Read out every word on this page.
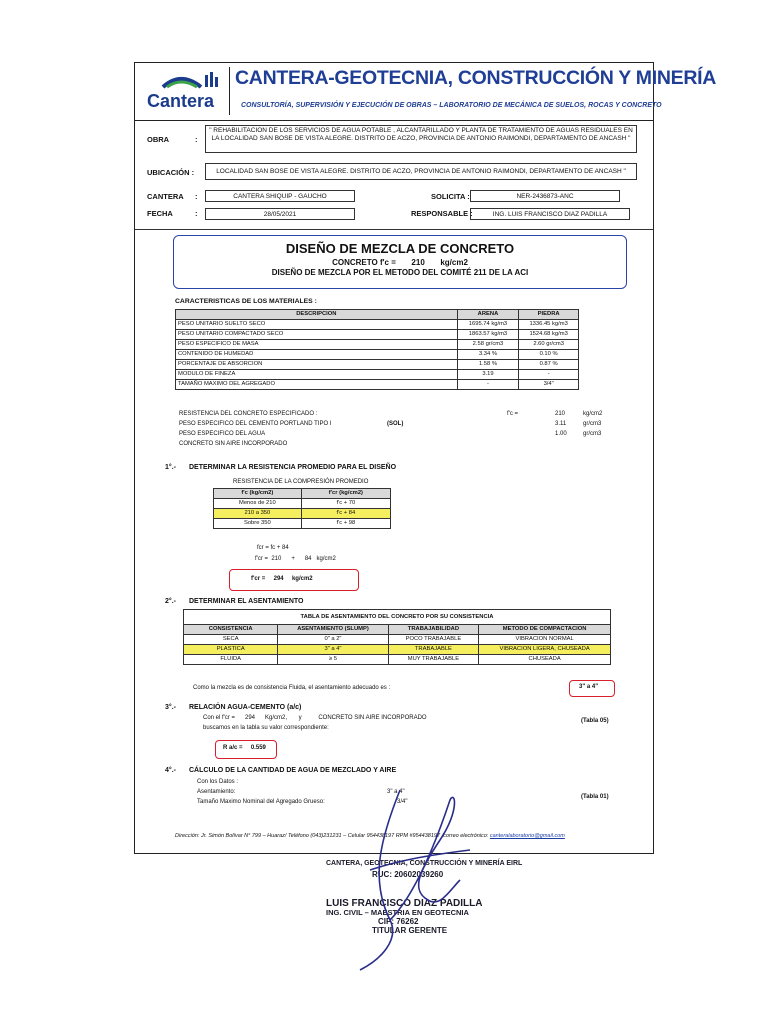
Cantera
CANTERA-GEOTECNIA, CONSTRUCCIÓN Y MINERÍA
CONSULTORÍA, SUPERVISIÓN Y EJECUCIÓN DE OBRAS – LABORATORIO DE MECÁNICA DE SUELOS, ROCAS Y CONCRETO
OBRA	:
" REHABILITACION DE LOS SERVICIOS DE AGUA POTABLE , ALCANTARILLADO Y PLANTA DE TRATAMIENTO DE AGUAS RESIDUALES EN LA LOCALIDAD SAN BOSE DE VISTA ALEGRE. DISTRITO DE ACZO, PROVINCIA DE ANTONIO RAIMONDI, DEPARTAMENTO DE ANCASH "
UBICACIÓN :	LOCALIDAD SAN BOSE DE VISTA ALEGRE. DISTRITO DE ACZO, PROVINCIA DE ANTONIO RAIMONDI, DEPARTAMENTO DE ANCASH "
CANTERA :	CANTERA SHIQUIP - GAUCHO	SOLICITA :	NER-2436873-ANC
FECHA	:	28/05/2021	RESPONSABLE :	ING. LUIS FRANCISCO DIAZ PADILLA
DISEÑO DE MEZCLA DE CONCRETO
CONCRETO f'c =       210       kg/cm2
DISEÑO DE MEZCLA POR EL METODO DEL COMITÉ 211 DE LA ACI
CARACTERISTICAS DE LOS MATERIALES :
DESCRIPCION	ARENA	PIEDRA
PESO UNITARIO SUELTO SECO	1695.74 kg/m3	1336.45 kg/m3
PESO UNITARIO COMPACTADO SECO	1863.57 kg/m3	1524.68 kg/m3
PESO ESPECIFICO DE MASA	2.58 gr/cm3	2.60 gr/cm3
CONTENIDO DE HUMEDAD	3.34 %	0.10 %
PORCENTAJE DE ABSORCION	1.58 %	0.87 %
MODULO DE FINEZA	3.19	-
TAMAÑO MAXIMO DEL AGREGADO	-	3/4"
RESISTENCIA DEL CONCRETO ESPECIFICADO :	f'c =	210	kg/cm2
PESO ESPECIFICO DEL CEMENTO PORTLAND TIPO I	(SOL)	3.11	gr/cm3
PESO ESPECIFICO DEL AGUA	1.00	gr/cm3
CONCRETO SIN AIRE INCORPORADO
1°.- DETERMINAR LA RESISTENCIA PROMEDIO PARA EL DISEÑO
RESISTENCIA DE LA COMPRESIÓN PROMEDIO
f'c (kg/cm2)	f'cr (kg/cm2)
Menos de 210	f'c + 70
210 a 350	f'c + 84
Sobre 350	f'c + 98
fcr = fc + 84
f'cr =  210      +      84   kg/cm2
f'cr =     294     kg/cm2
2°.- DETERMINAR EL ASENTAMIENTO
TABLA DE ASENTAMIENTO DEL CONCRETO POR SU CONSISTENCIA			
CONSISTENCIA	ASENTAMIENTO (SLUMP)	TRABAJABILIDAD	METODO DE COMPACTACION
SECA	0" a 2"	POCO TRABAJABLE	VIBRACION NORMAL
PLASTICA	3" a 4"	TRABAJABLE	VIBRACION LIGERA, CHUSEADA
FLUIDA	≥ 5	MUY TRABAJABLE	CHUSEADA
Como la mezcla es de consistencia Fluida, el asentamiento adecuado es :	3" a 4"
3°.- RELACIÓN AGUA-CEMENTO (a/c)
Con el f'cr =      294      Kg/cm2,       y          CONCRETO SIN AIRE INCORPORADO
buscamos en la tabla su valor correspondiente:
(Tabla 05)
R a/c =     0.559
4°.- CÁLCULO DE LA CANTIDAD DE AGUA DE MEZCLADO Y AIRE
Con los Datos :
Asentamiento:	3" a 4"
Tamaño Maximo Nominal del Agregado Grueso:	3/4"
(Tabla 01)
Dirección: Jr. Simón Bolívar N° 799 – Huaraz/ Teléfono (043)231231 – Celular 954438197 RPM #954438197 /correo electrónico: canteralaboratorio@gmail.com
CANTERA, GEOTECNIA, CONSTRUCCIÓN Y MINERÍA EIRL
RUC: 20602039260
LUIS FRANCISCO DIAZ PADILLA
ING. CIVIL – MAESTRIA EN GEOTECNIA
CIP: 76262
TITULAR GERENTE
